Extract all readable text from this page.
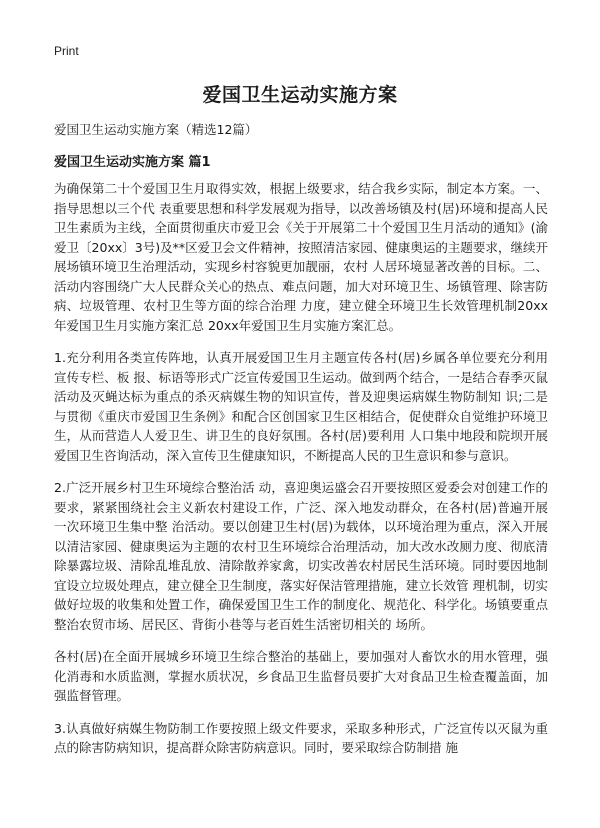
Print
爱国卫生运动实施方案
爱国卫生运动实施方案（精选12篇）
爱国卫生运动实施方案 篇1

为确保第二十个爱国卫生月取得实效，根据上级要求，结合我乡实际，制定本方案。一、指导思想以三个代 表重要思想和科学发展观为指导，以改善场镇及村(居)环境和提高人民卫生素质为主线，全面贯彻重庆市爱卫会《关于开展第二十个爱国卫生月活动的通知》(渝爱卫〔20xx〕3号)及**区爱卫会文件精神，按照清洁家园、健康奥运的主题要求，继续开展场镇环境卫生治理活动，实现乡村容貌更加靓丽，农村 人居环境显著改善的目标。二、活动内容围绕广大人民群众关心的热点、难点问题，加大对环境卫生、场镇管理、除害防病、垃圾管理、农村卫生等方面的综合治理 力度，建立健全环境卫生长效管理机制20xx年爱国卫生月实施方案汇总 20xx年爱国卫生月实施方案汇总。

1.充分利用各类宣传阵地，认真开展爱国卫生月主题宣传各村(居)乡属各单位要充分利用宣传专栏、板 报、标语等形式广泛宣传爱国卫生运动。做到两个结合，一是结合春季灭鼠活动及灭蝇达标为重点的杀灭病媒生物的知识宣传，普及迎奥运病媒生物防制知 识;二是与贯彻《重庆市爱国卫生条例》和配合区创国家卫生区相结合，促使群众自觉维护环境卫生，从而营造人人爱卫生、讲卫生的良好氛围。各村(居)要利用 人口集中地段和院坝开展爱国卫生咨询活动，深入宣传卫生健康知识，不断提高人民的卫生意识和参与意识。

2.广泛开展乡村卫生环境综合整治活 动，喜迎奥运盛会召开要按照区爱委会对创建工作的要求，紧紧围绕社会主义新农村建设工作，广泛、深入地发动群众，在各村(居)普遍开展一次环境卫生集中整 治活动。要以创建卫生村(居)为载体，以环境治理为重点，深入开展以清洁家园、健康奥运为主题的农村卫生环境综合治理活动，加大改水改厕力度、彻底清 除暴露垃圾、清除乱堆乱放、清除散养家禽，切实改善农村居民生活环境。同时要因地制宜设立垃圾处理点，建立健全卫生制度，落实好保洁管理措施，建立长效管 理机制，切实做好垃圾的收集和处置工作，确保爱国卫生工作的制度化、规范化、科学化。场镇要重点整治农贸市场、居民区、背街小巷等与老百姓生活密切相关的 场所。

各村(居)在全面开展城乡环境卫生综合整治的基础上，要加强对人畜饮水的用水管理，强化消毒和水质监测，掌握水质状况，乡食品卫生监督员要扩大对食品卫生检查覆盖面，加强监督管理。

3.认真做好病媒生物防制工作要按照上级文件要求，采取多种形式，广泛宣传以灭鼠为重点的除害防病知识，提高群众除害防病意识。同时，要采取综合防制措 施
